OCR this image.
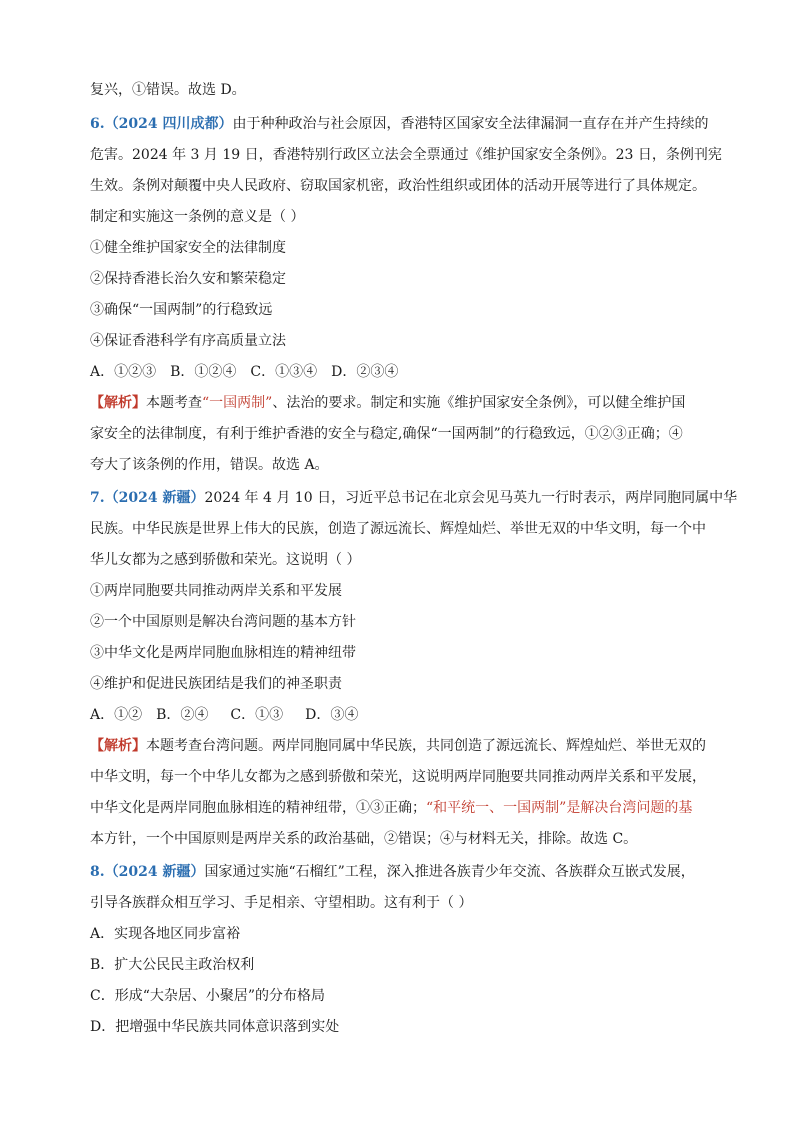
复兴，①错误。故选 D。
6.（2024 四川成都）由于种种政治与社会原因，香港特区国家安全法律漏洞一直存在并产生持续的
危害。2024 年 3 月 19 日，香港特别行政区立法会全票通过《维护国家安全条例》。23 日，条例刊宪
生效。条例对颠覆中央人民政府、窃取国家机密，政治性组织或团体的活动开展等进行了具体规定。
制定和实施这一条例的意义是（ ）
①健全维护国家安全的法律制度
②保持香港长治久安和繁荣稳定
③确保“一国两制”的行稳致远
④保证香港科学有序高质量立法
A．①②③ B．①②④ C．①③④ D．②③④
【解析】本题考查“一国两制”、法治的要求。制定和实施《维护国家安全条例》，可以健全维护国
家安全的法律制度，有利于维护香港的安全与稳定,确保“一国两制”的行稳致远，①②③正确；④
夸大了该条例的作用，错误。故选 A。
7.（2024 新疆）2024 年 4 月 10 日，习近平总书记在北京会见马英九一行时表示，两岸同胞同属中华
民族。中华民族是世界上伟大的民族，创造了源远流长、辉煌灿烂、举世无双的中华文明，每一个中
华儿女都为之感到骄傲和荣光。这说明（ ）
①两岸同胞要共同推动两岸关系和平发展
②一个中国原则是解决台湾问题的基本方针
③中华文化是两岸同胞血脉相连的精神纽带
④维护和促进民族团结是我们的神圣职责
A．①② B．②④ C．①③ D．③④
【解析】本题考查台湾问题。两岸同胞同属中华民族，共同创造了源远流长、辉煌灿烂、举世无双的
中华文明，每一个中华儿女都为之感到骄傲和荣光，这说明两岸同胞要共同推动两岸关系和平发展，
中华文化是两岸同胞血脉相连的精神纽带，①③正确；“和平统一、一国两制”是解决台湾问题的基
本方针，一个中国原则是两岸关系的政治基础，②错误；④与材料无关，排除。故选 C。
8.（2024 新疆）国家通过实施“石榴红”工程，深入推进各族青少年交流、各族群众互嵌式发展，
引导各族群众相互学习、手足相亲、守望相助。这有利于（ ）
A．实现各地区同步富裕
B．扩大公民民主政治权利
C．形成“大杂居、小聚居”的分布格局
D．把增强中华民族共同体意识落到实处
